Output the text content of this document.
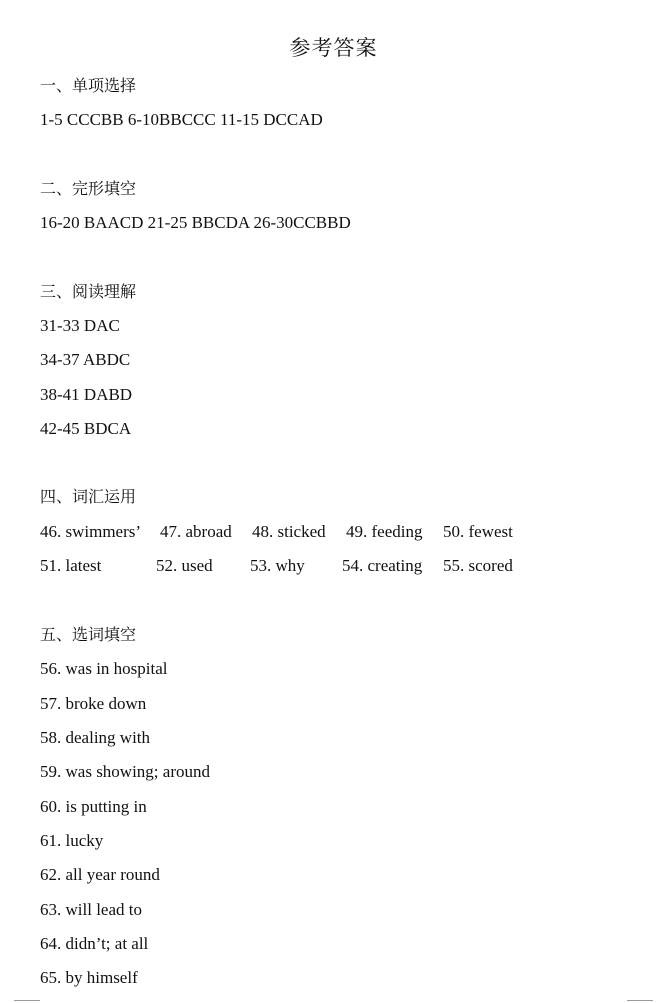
参考答案
一、单项选择
1-5 CCCBB 6-10BBCCC 11-15 DCCAD
二、完形填空
16-20 BAACD 21-25 BBCDA 26-30CCBBD
三、阅读理解
31-33 DAC
34-37 ABDC
38-41 DABD
42-45 BDCA
四、词汇运用
46. swimmers’ 47. abroad 48. sticked 49. feeding 50. fewest
51. latest	52. used 53. why 54. creating 55. scored
五、选词填空
56. was in hospital
57. broke down
58. dealing with
59. was showing; around
60. is putting in
61. lucky
62. all year round
63. will lead to
64. didn’t; at all
65. by himself
